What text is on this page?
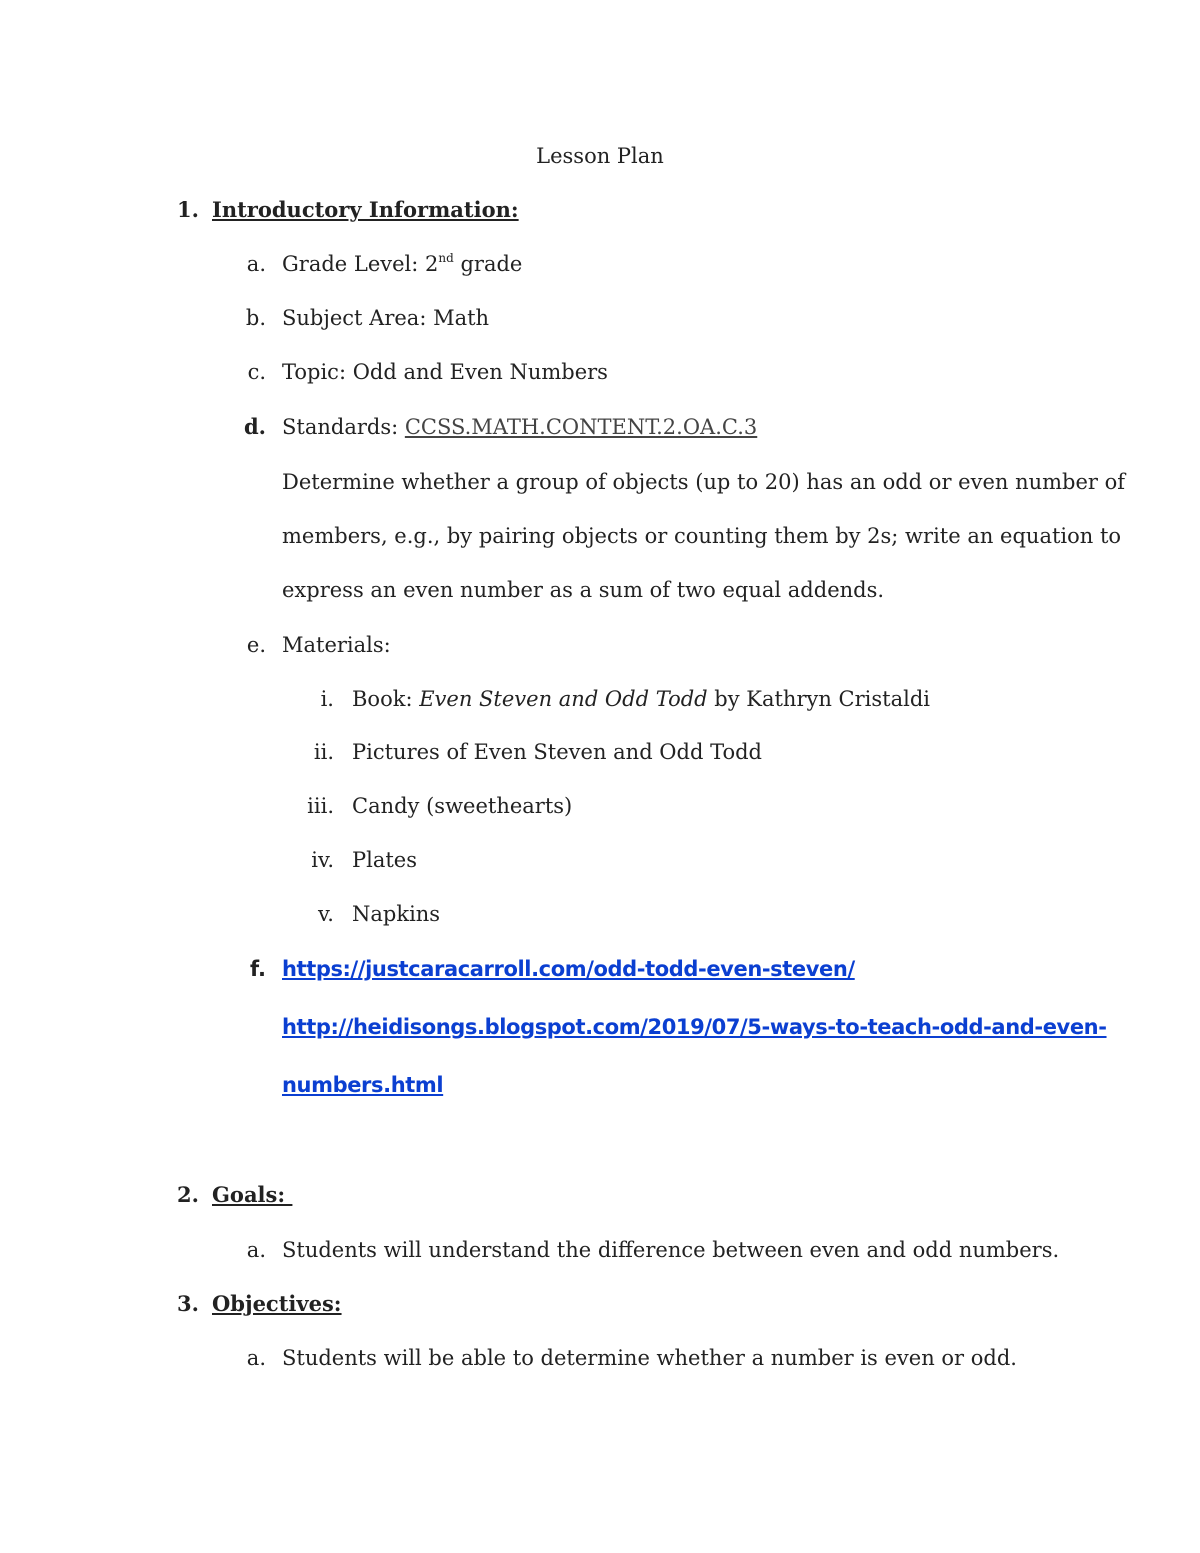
Lesson Plan
1. Introductory Information:
a. Grade Level: 2nd grade
b. Subject Area: Math
c. Topic: Odd and Even Numbers
d. Standards: CCSS.MATH.CONTENT.2.OA.C.3
Determine whether a group of objects (up to 20) has an odd or even number of
members, e.g., by pairing objects or counting them by 2s; write an equation to
express an even number as a sum of two equal addends.
e. Materials:
i. Book: Even Steven and Odd Todd by Kathryn Cristaldi
ii. Pictures of Even Steven and Odd Todd
iii. Candy (sweethearts)
iv. Plates
v. Napkins
f. https://justcaracarroll.com/odd-todd-even-steven/
http://heidisongs.blogspot.com/2019/07/5-ways-to-teach-odd-and-even-
numbers.html
2. Goals:
a. Students will understand the difference between even and odd numbers.
3. Objectives:
a. Students will be able to determine whether a number is even or odd.
